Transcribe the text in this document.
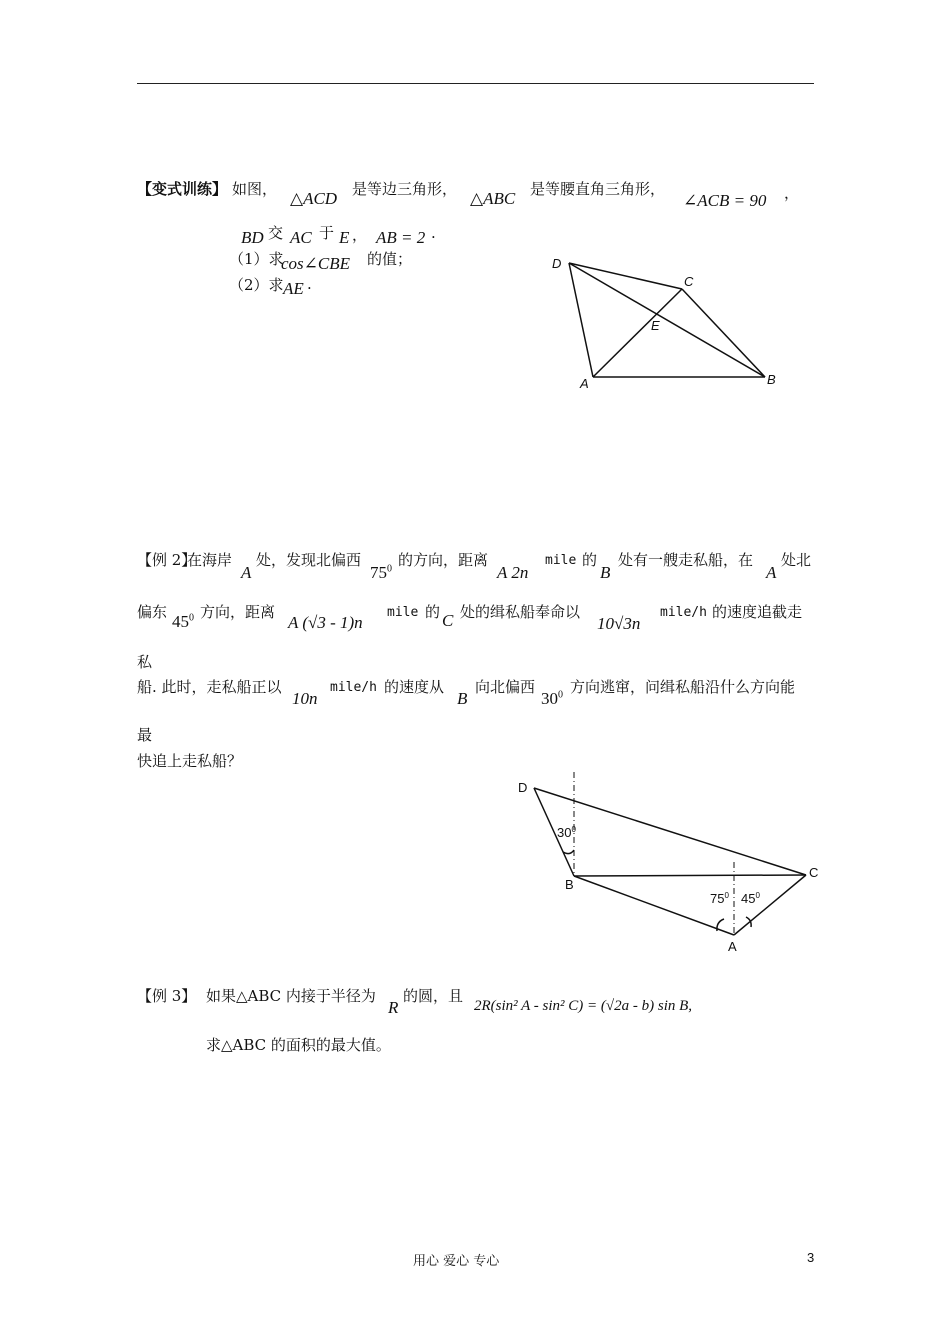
【变式训练】 如图， △ACD 是等边三角形， △ABC 是等腰直角三角形，
∠ACB = 90 ，
BD 交 AC 于 E ， AB = 2 ·
（1）求
cos∠CBE 的值；
（2）求 AE ·
D
C
E
A	B
【例 2】
在海岸
A
处，发现北偏西
$75^0$ 的方向，距离
A 2n
mile 的
B
处有一艘走私船，在
A
处北
偏东 $45^0$ 方向，距离
A (√3 - 1)n
mile 的 C 处的缉私船奉命以
10√3n
mile/h 的速度追截走
私
船. 此时，走私船正以
10n
mile/h 的速度从
B
向北偏西
$30^0$ 方向逃窜，问缉私船沿什么方向能
最
快追上走私船？
D
B
C
A
$30^0$
$75^0$ $45^0$
【例 3】 如果△ABC 内接于半径为
R
的圆，且
2R(sin² A - sin² C) = (√2a - b) sin B,
求△ABC 的面积的最大值。
用心 爱心 专心	3
